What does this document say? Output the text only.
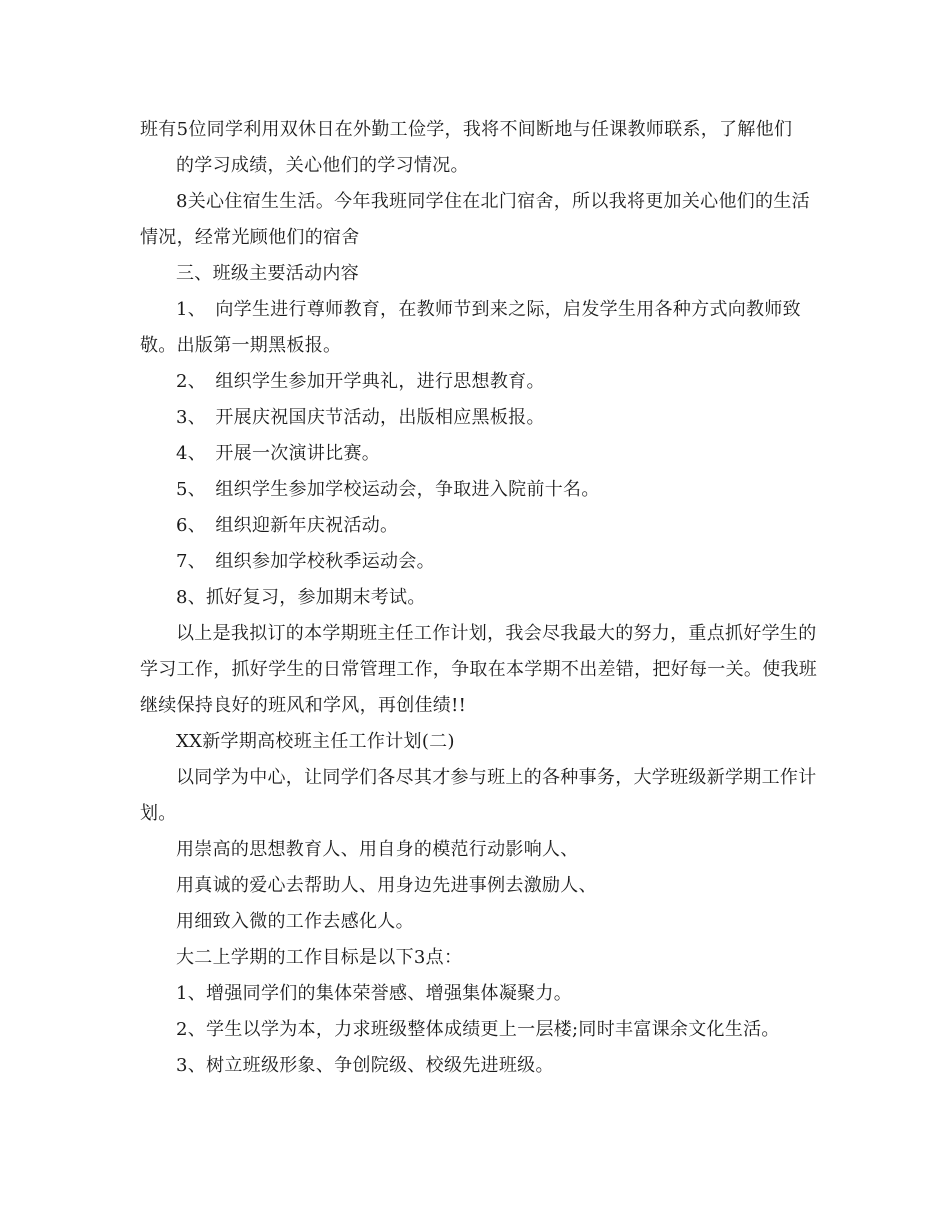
班有5位同学利用双休日在外勤工俭学，我将不间断地与任课教师联系，了解他们

的学习成绩，关心他们的学习情况。

8关心住宿生生活。今年我班同学住在北门宿舍，所以我将更加关心他们的生活情况，经常光顾他们的宿舍

三、班级主要活动内容

1、　向学生进行尊师教育，在教师节到来之际，启发学生用各种方式向教师致敬。出版第一期黑板报。

2、　组织学生参加开学典礼，进行思想教育。

3、　开展庆祝国庆节活动，出版相应黑板报。

4、　开展一次演讲比赛。

5、　组织学生参加学校运动会，争取进入院前十名。

6、　组织迎新年庆祝活动。

7、　组织参加学校秋季运动会。

8、抓好复习，参加期末考试。

以上是我拟订的本学期班主任工作计划，我会尽我最大的努力，重点抓好学生的学习工作，抓好学生的日常管理工作，争取在本学期不出差错，把好每一关。使我班继续保持良好的班风和学风，再创佳绩!!

XX新学期高校班主任工作计划(二)

以同学为中心，让同学们各尽其才参与班上的各种事务，大学班级新学期工作计划。

用崇高的思想教育人、用自身的模范行动影响人、

用真诚的爱心去帮助人、用身边先进事例去激励人、

用细致入微的工作去感化人。

大二上学期的工作目标是以下3点：

1、增强同学们的集体荣誉感、增强集体凝聚力。

2、学生以学为本，力求班级整体成绩更上一层楼;同时丰富课余文化生活。

3、树立班级形象、争创院级、校级先进班级。
